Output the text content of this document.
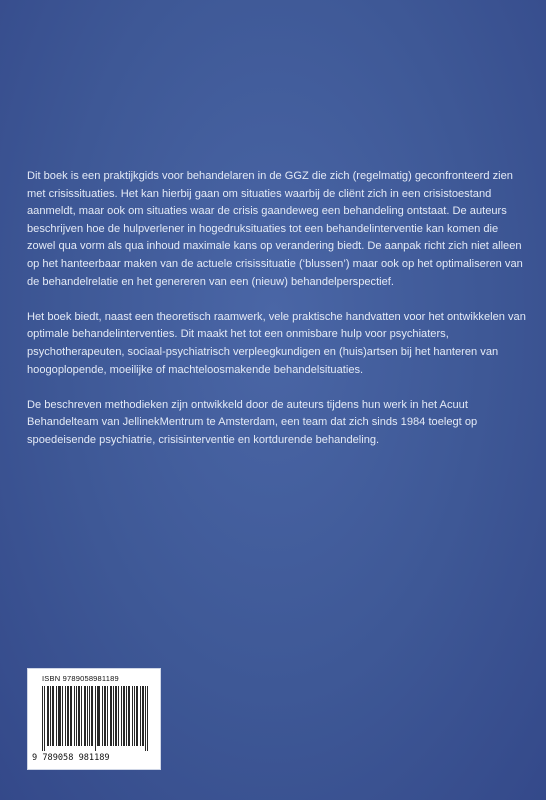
Dit boek is een praktijkgids voor behandelaren in de GGZ die zich (regelmatig) geconfronteerd zien met crisissituaties. Het kan hierbij gaan om situaties waarbij de cliënt zich in een crisistoestand aanmeldt, maar ook om situaties waar de crisis gaandeweg een behandeling ontstaat. De auteurs beschrijven hoe de hulpverlener in hogedruksituaties tot een behandelinterventie kan komen die zowel qua vorm als qua inhoud maximale kans op verandering biedt. De aanpak richt zich niet alleen op het hanteerbaar maken van de actuele crisissituatie (‘blussen’) maar ook op het optimaliseren van de behandelrelatie en het genereren van een (nieuw) behandelperspectief.

Het boek biedt, naast een theoretisch raamwerk, vele praktische handvatten voor het ontwikkelen van optimale behandelinterventies. Dit maakt het tot een onmisbare hulp voor psychiaters, psychotherapeuten, sociaal-psychiatrisch verpleegkundigen en (huis)artsen bij het hanteren van hoogoplopende, moeilijke of machteloosmakende behandelsituaties.

De beschreven methodieken zijn ontwikkeld door de auteurs tijdens hun werk in het Acuut Behandelteam van JellinekMentrum te Amsterdam, een team dat zich sinds 1984 toelegt op spoedeisende psychiatrie, crisisinterventie en kortdurende behandeling.

ISBN 9789058981189
9 789058 981189
